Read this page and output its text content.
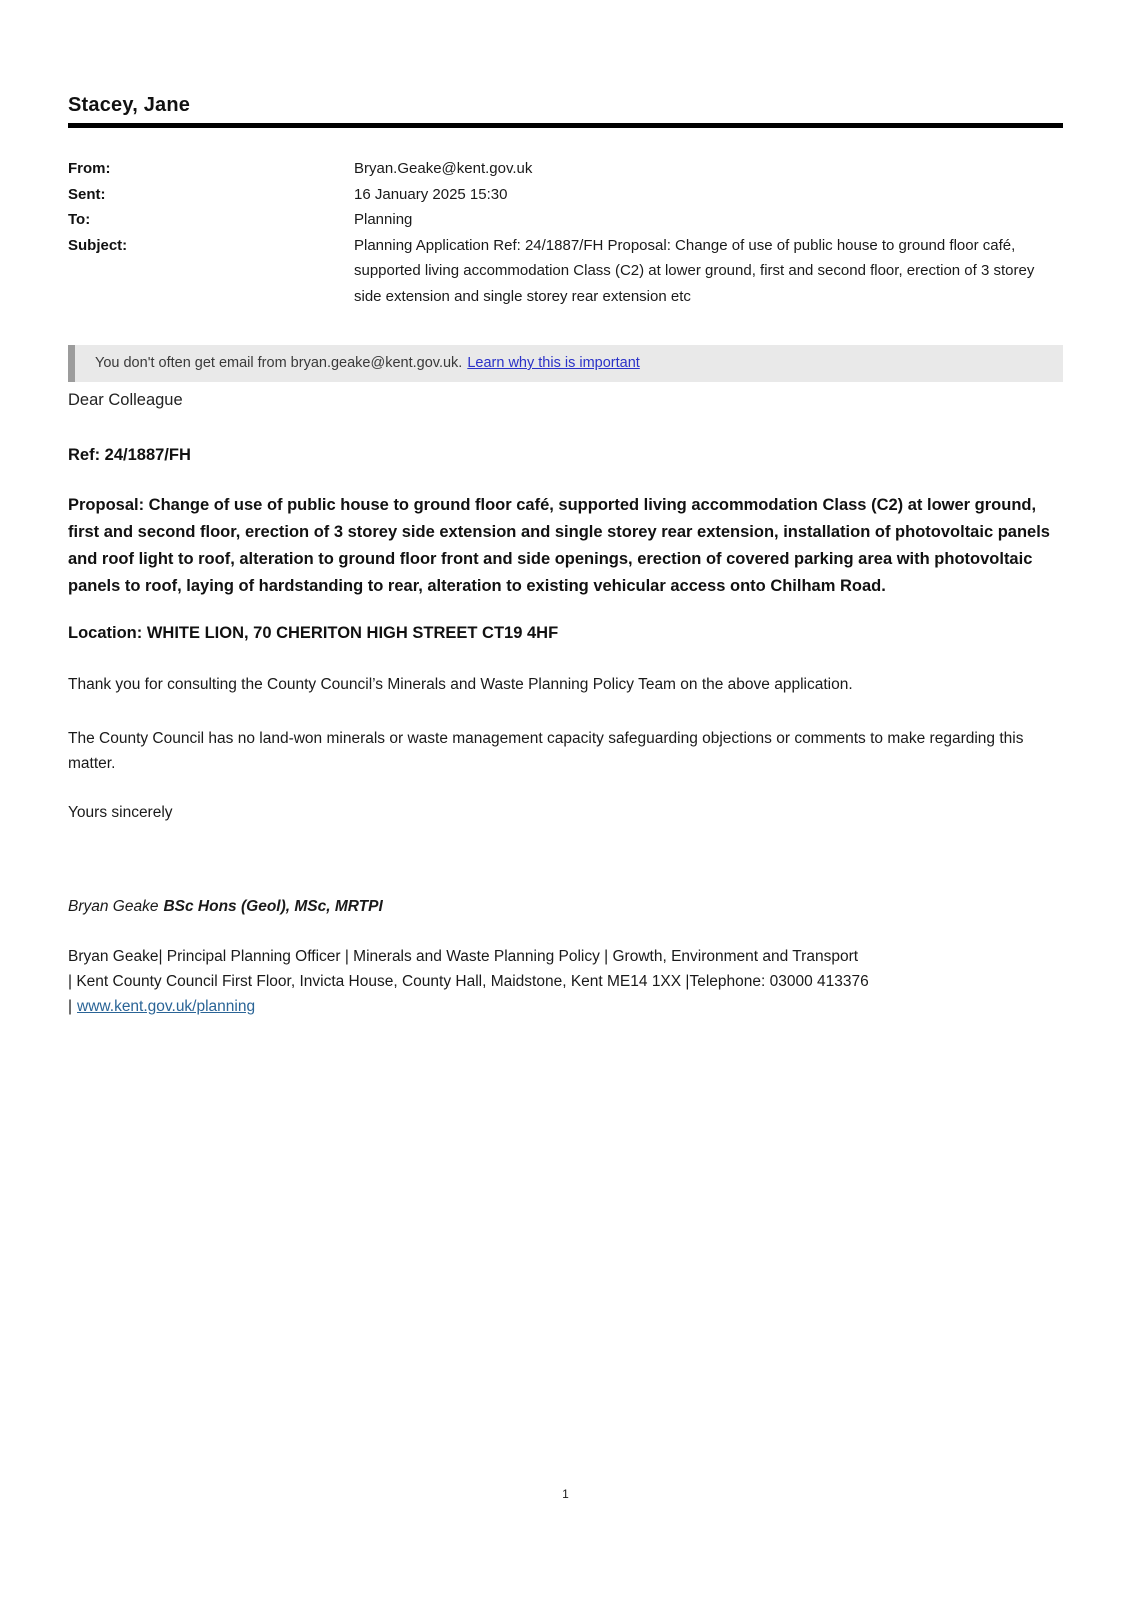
Stacey, Jane
From:	Bryan.Geake@kent.gov.uk
Sent:	16 January 2025 15:30
To:	Planning
Subject:	Planning Application Ref: 24/1887/FH Proposal: Change of use of public house to ground floor café, supported living accommodation Class (C2) at lower ground, first and second floor, erection of 3 storey side extension and single storey rear extension etc
You don't often get email from bryan.geake@kent.gov.uk. Learn why this is important
Dear Colleague
Ref: 24/1887/FH
Proposal: Change of use of public house to ground floor café, supported living accommodation Class (C2) at lower ground, first and second floor, erection of 3 storey side extension and single storey rear extension, installation of photovoltaic panels and roof light to roof, alteration to ground floor front and side openings, erection of covered parking area with photovoltaic panels to roof, laying of hardstanding to rear, alteration to existing vehicular access onto Chilham Road.
Location: WHITE LION, 70 CHERITON HIGH STREET CT19 4HF
Thank you for consulting the County Council’s Minerals and Waste Planning Policy Team on the above application.
The County Council has no land-won minerals or waste management capacity safeguarding objections or comments to make regarding this matter.
Yours sincerely
Bryan Geake BSc Hons (Geol), MSc, MRTPI
Bryan Geake| Principal Planning Officer | Minerals and Waste Planning Policy | Growth, Environment and Transport
| Kent County Council First Floor, Invicta House, County Hall, Maidstone, Kent ME14 1XX |Telephone: 03000 413376
| www.kent.gov.uk/planning
1
